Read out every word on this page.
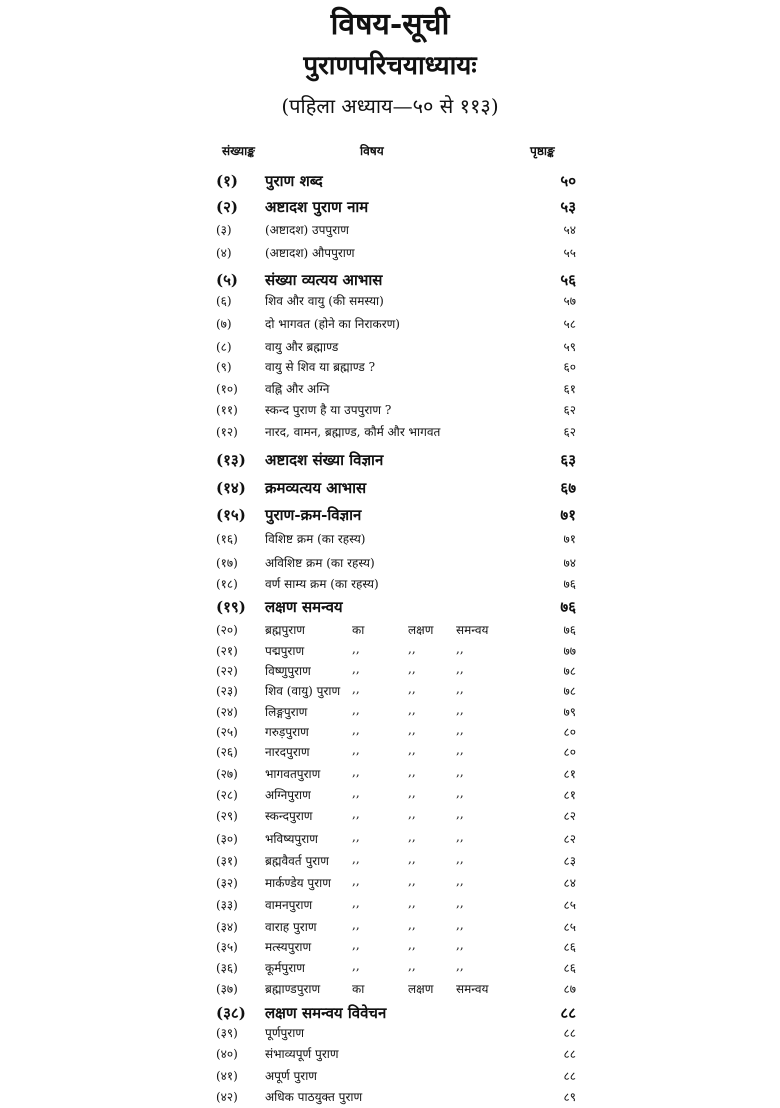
विषय-सूची
पुराणपरिचयाध्यायः
(पहिला अध्याय—५० से ११३)
संख्याङ्क	विषय	पृष्ठाङ्क
(१) पुराण शब्द	५०
(२) अष्टादश पुराण नाम	५३
(३)	(अष्टादश) उपपुराण	५४
(४)	(अष्टादश) औपपुराण	५५
(५) संख्या व्यत्यय आभास	५६
(६)	शिव और वायु (की समस्या)	५७
(७)	दो भागवत (होने का निराकरण)	५८
(८)	वायु और ब्रह्माण्ड	५९
(९)	वायु से शिव या ब्रह्माण्ड ?	६०
(१०) वह्नि और अग्नि	६१
(११) स्कन्द पुराण है या उपपुराण ?	६२
(१२) नारद, वामन, ब्रह्माण्ड, कौर्म और भागवत	६२
(१३) अष्टादश संख्या विज्ञान	६३
(१४) क्रमव्यत्यय आभास	६७
(१५) पुराण-क्रम-विज्ञान	७१
(१६) विशिष्ट क्रम (का रहस्य)	७१
(१७) अविशिष्ट क्रम (का रहस्य)	७४
(१८) वर्ण साम्य क्रम (का रहस्य)	७६
(१९) लक्षण समन्वय	७६
(२०) ब्रह्मपुराण	का	लक्षण समन्वय	७६
(२१) पद्मपुराण	,,	,,	,,	७७
(२२) विष्णुपुराण	,,	,,	,,	७८
(२३) शिव (वायु) पुराण ,,	,,	,,	७८
(२४) लिङ्गपुराण	,,	,,	,,	७९
(२५) गरुड़पुराण	,,	,,	,,	८०
(२६) नारदपुराण	,,	,,	,,	८०
(२७) भागवतपुराण	,,	,,	,,	८१
(२८) अग्निपुराण	,,	,,	,,	८१
(२९) स्कन्दपुराण	,,	,,	,,	८२
(३०) भविष्यपुराण	,,	,,	,,	८२
(३१) ब्रह्मवैवर्त पुराण ,,	,,	,,	८३
(३२) मार्कण्डेय पुराण ,,	,,	,,	८४
(३३) वामनपुराण	,,	,,	,,	८५
(३४) वाराह पुराण	,,	,,	,,	८५
(३५) मत्स्यपुराण	,,	,,	,,	८६
(३६) कूर्मपुराण	,,	,,	,,	८६
(३७) ब्रह्माण्डपुराण	का	लक्षण समन्वय	८७
(३८) लक्षण समन्वय विवेचन	८८
(३९) पूर्णपुराण	८८
(४०) संभाव्यपूर्ण पुराण	८८
(४१) अपूर्ण पुराण	८८
(४२) अधिक पाठयुक्त पुराण	८९
